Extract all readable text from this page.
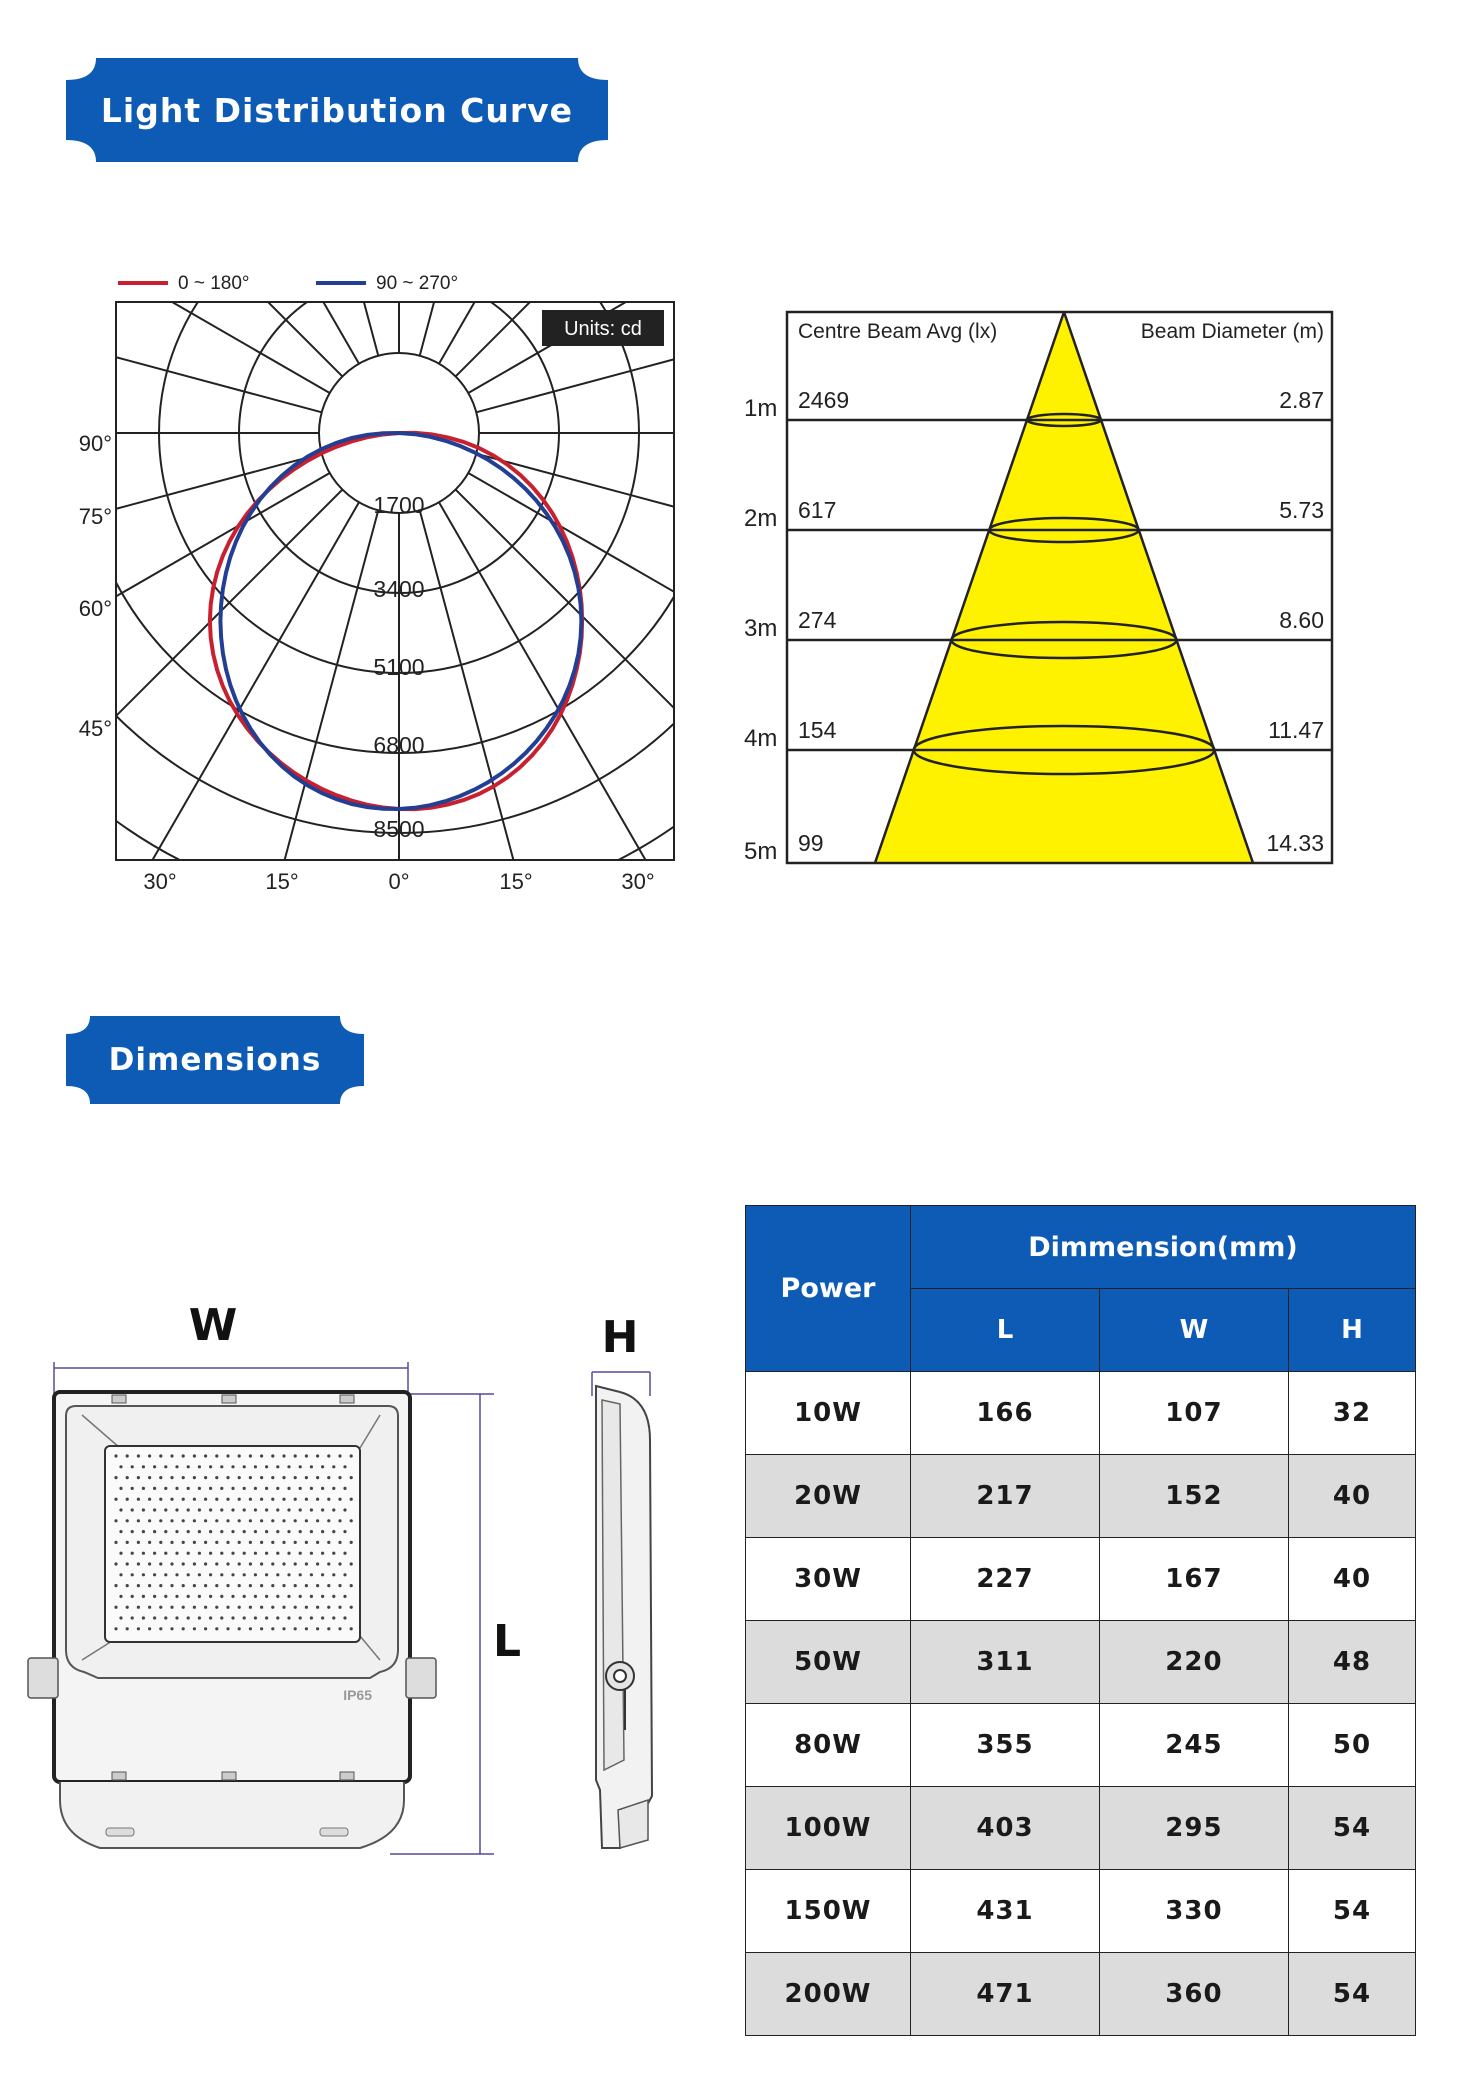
Light Distribution Curve
0 ~ 180°	90 ~ 270°
Units: cd
1700
3400
5100
6800
8500
90°
75°
60°
45°
30°	15°	0°	15°	30°
1m 2469	2.87
2m 617	5.73
3m 274	8.60
4m 154	11.47
5m 99	14.33
Centre Beam Avg (lx)	Beam Diameter (m)
Dimensions
W
L
IP65
H
Power	Dimmension(mm)		
	L	W	H
10W	166	107	32
20W	217	152	40
30W	227	167	40
50W	311	220	48
80W	355	245	50
100W	403	295	54
150W	431	330	54
200W	471	360	54
